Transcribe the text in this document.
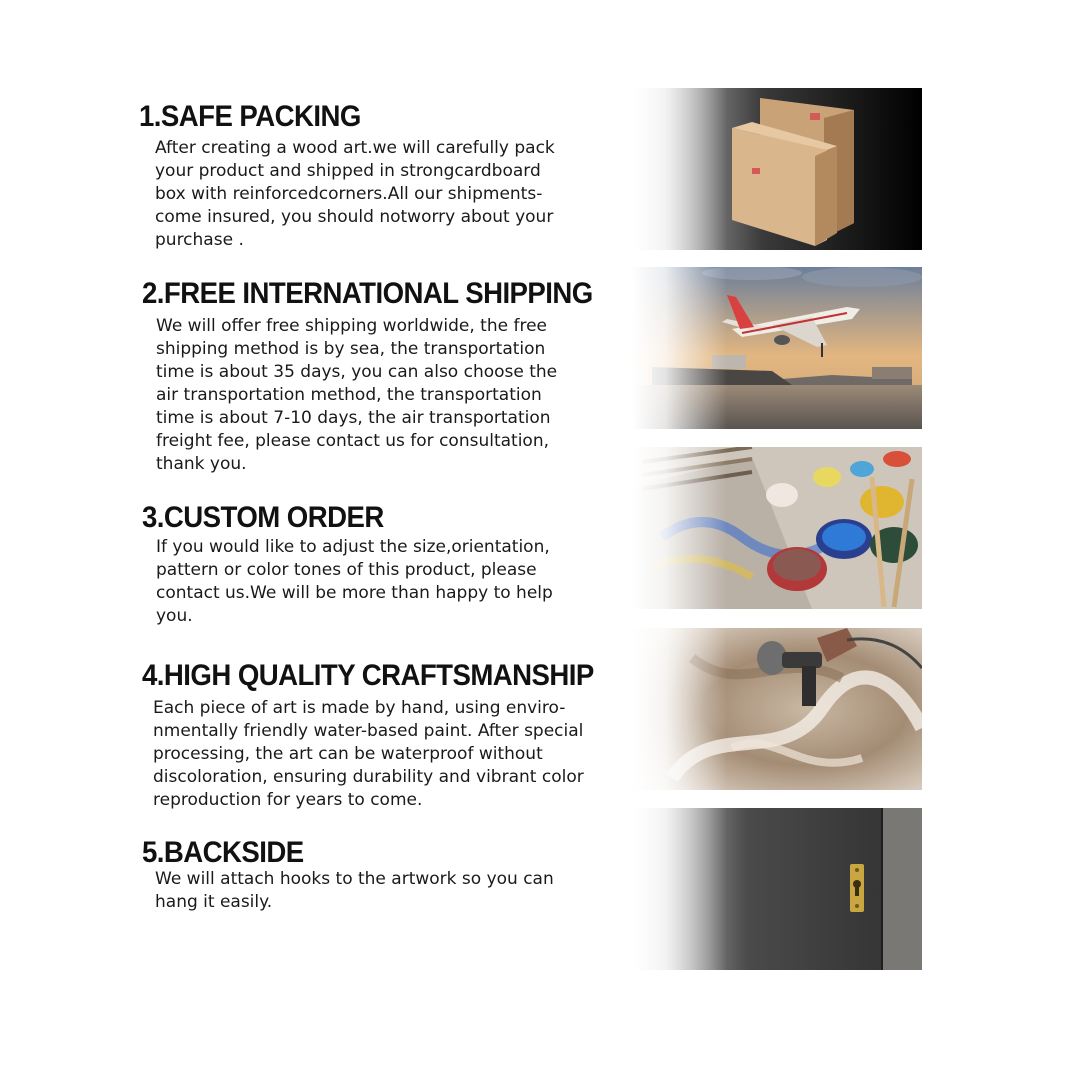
1.SAFE PACKING
After creating a wood art.we will carefully pack
your product and shipped in strongcardboard
box with reinforcedcorners.All our shipments-
come insured, you should notworry about your
purchase .
2.FREE INTERNATIONAL SHIPPING
We will offer free shipping worldwide, the free
shipping method is by sea, the transportation
time is about 35 days, you can also choose the
air transportation method, the transportation
time is about 7-10 days, the air transportation
freight fee, please contact us for consultation,
thank you.
3.CUSTOM ORDER
If you would like to adjust the size,orientation,
pattern or color tones of this product, please
contact us.We will be more than happy to help
you.
4.HIGH QUALITY CRAFTSMANSHIP
Each piece of art is made by hand, using enviro-
nmentally friendly water-based paint. After special
processing, the art can be waterproof without
discoloration, ensuring durability and vibrant color
reproduction for years to come.
5.BACKSIDE
We will attach hooks to the artwork so you can
hang it easily.
